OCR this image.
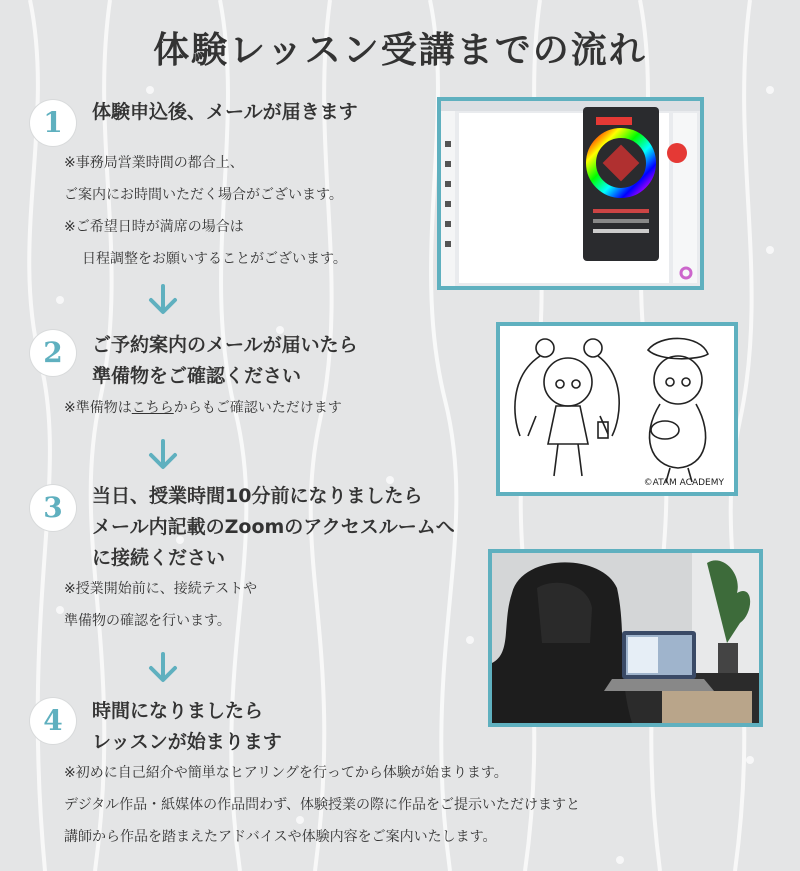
体験レッスン受講までの流れ
1	体験申込後、メールが届きます
※事務局営業時間の都合上、
ご案内にお時間いただく場合がございます。
※ご希望日時が満席の場合は
日程調整をお願いすることがございます。
2	ご予約案内のメールが届いたら
準備物をご確認ください
※準備物はこちらからもご確認いただけます
©ATAM ACADEMY
3	当日、授業時間10分前になりましたら
メール内記載のZoomのアクセスルームへ
に接続ください
※授業開始前に、接続テストや
準備物の確認を行います。
4	時間になりましたら
レッスンが始まります
※初めに自己紹介や簡単なヒアリングを行ってから体験が始まります。
デジタル作品・紙媒体の作品問わず、体験授業の際に作品をご提示いただけますと
講師から作品を踏まえたアドバイスや体験内容をご案内いたします。
